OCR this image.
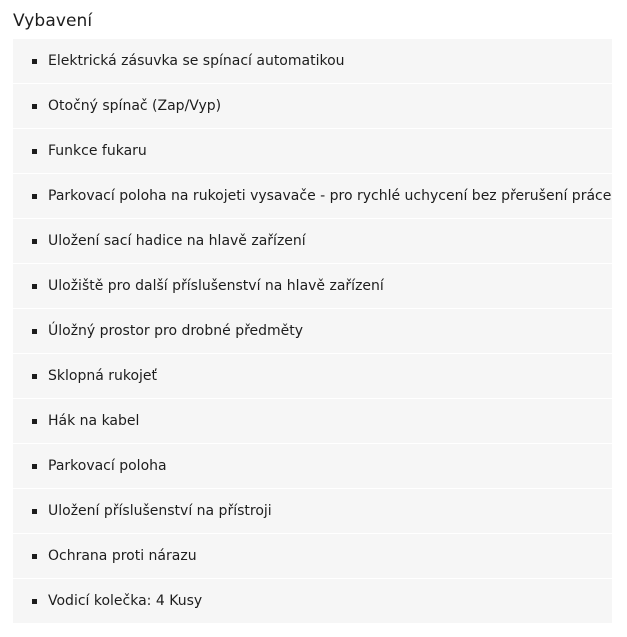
Vybavení
Elektrická zásuvka se spínací automatikou
Otočný spínač (Zap/Vyp)
Funkce fukaru
Parkovací poloha na rukojeti vysavače - pro rychlé uchycení bez přerušení práce
Uložení sací hadice na hlavě zařízení
Uložiště pro další příslušenství na hlavě zařízení
Úložný prostor pro drobné předměty
Sklopná rukojeť
Hák na kabel
Parkovací poloha
Uložení příslušenství na přístroji
Ochrana proti nárazu
Vodicí kolečka: 4 Kusy
